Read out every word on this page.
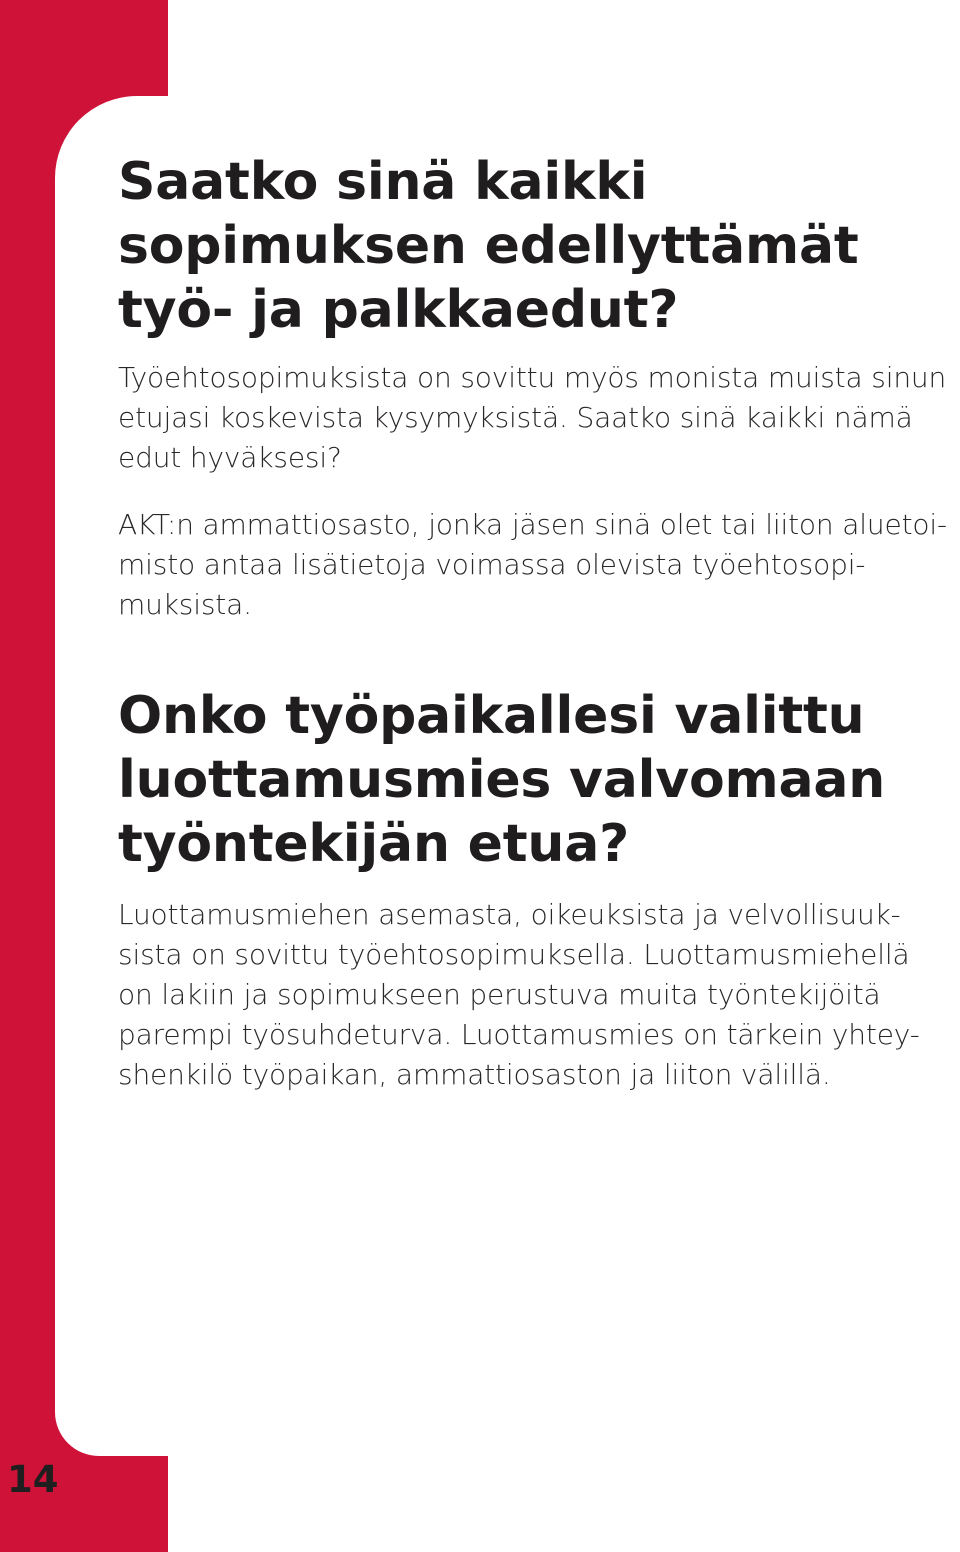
14
Saatko sinä kaikki
sopimuksen edellyttämät
työ- ja palkkaedut?

Työehtosopimuksista on sovittu myös monista muista sinun
etujasi koskevista kysymyksistä. Saatko sinä kaikki nämä
edut hyväksesi?

AKT:n ammattiosasto, jonka jäsen sinä olet tai liiton aluetoi-
misto antaa lisätietoja voimassa olevista työehtosopi-
muksista.

Onko työpaikallesi valittu
luottamusmies valvomaan
työntekijän etua?

Luottamusmiehen asemasta, oikeuksista ja velvollisuuk-
sista on sovittu työehtosopimuksella. Luottamusmiehellä
on lakiin ja sopimukseen perustuva muita työntekijöitä
parempi työsuhdeturva. Luottamusmies on tärkein yhtey-
shenkilö työpaikan, ammattiosaston ja liiton välillä.
